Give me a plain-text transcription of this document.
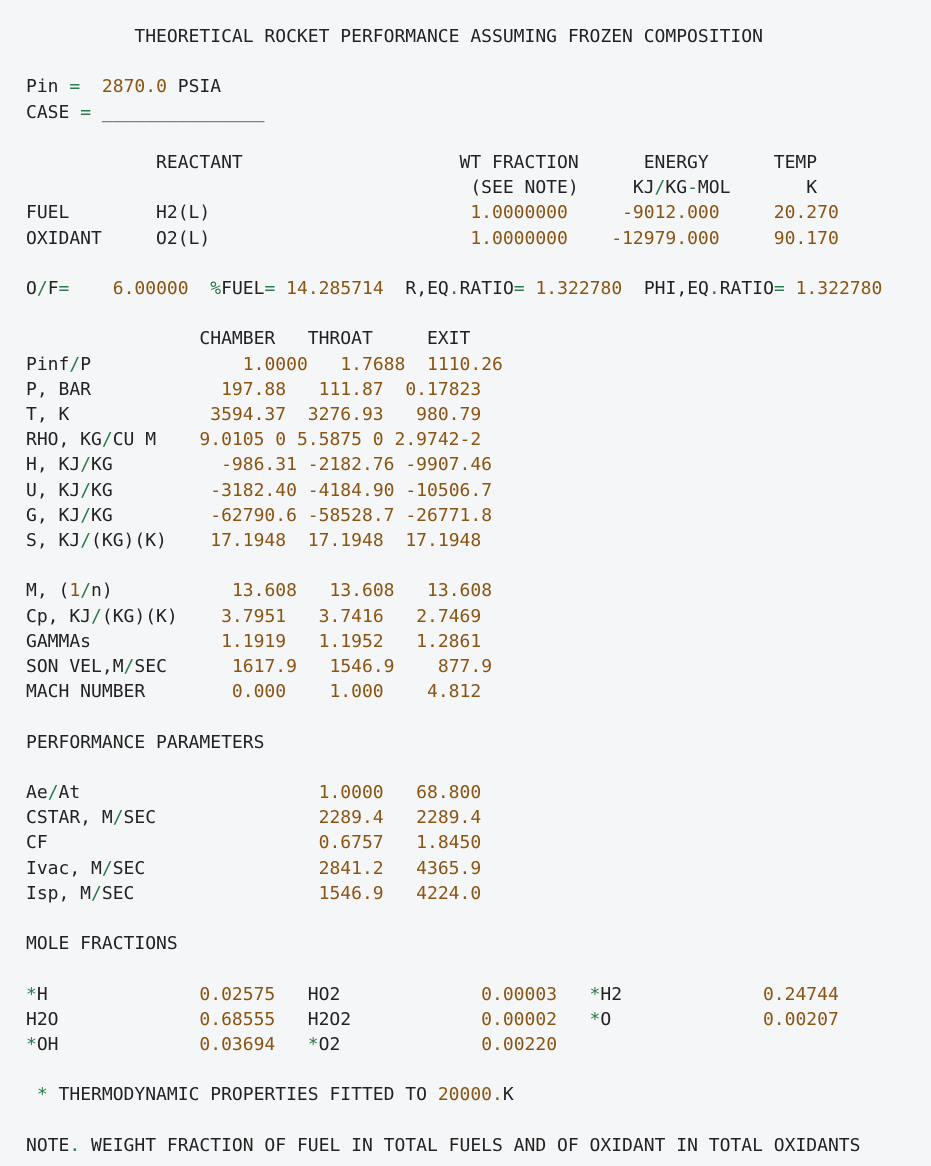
THEORETICAL ROCKET PERFORMANCE ASSUMING FROZEN COMPOSITION
Pin = 2870.0 PSIA
CASE = _______________
REACTANT                    WT FRACTION      ENERGY      TEMP
(SEE NOTE)     KJ/KG-MOL       K
FUEL        H2(L)                        1.0000000	-9012.000	20.270
OXIDANT     O2(L)                        1.0000000 -12979.000	90.170
O/F= 6.00000 %FUEL= 14.285714  R,EQ.RATIO= 1.322780  PHI,EQ.RATIO= 1.322780
CHAMBER   THROAT     EXIT
Pinf/P              1.0000 1.7688 1110.26
P, BAR            197.88 111.87 0.17823
T, K             3594.37 3276.93 980.79
RHO, KG/CU M    9.0105 0 5.5875 0 2.9742-2
H, KJ/KG          -986.31 -2182.76 -9907.46
U, KJ/KG         -3182.40 -4184.90 -10506.7
G, KJ/KG         -62790.6 -58528.7 -26771.8
S, KJ/(KG)(K)    17.1948 17.1948 17.1948
M, (1/n)           13.608 13.608 13.608
Cp, KJ/(KG)(K)    3.7951 3.7416 2.7469
GAMMAs            1.1919 1.1952 1.2861
SON VEL,M/SEC      1617.9 1546.9 877.9
MACH NUMBER        0.000 1.000 4.812
PERFORMANCE PARAMETERS
Ae/At                      1.0000 68.800
CSTAR, M/SEC               2289.4 2289.4
CF                         0.6757 1.8450
Ivac, M/SEC                2841.2 4365.9
Isp, M/SEC                 1546.9 4224.0
MOLE FRACTIONS
*H              0.02575   HO2             0.00003 *H2             0.24744
H2O             0.68555   H2O2            0.00002 *O              0.00207
*OH             0.03694 *O2             0.00220
* THERMODYNAMIC PROPERTIES FITTED TO 20000.K
NOTE. WEIGHT FRACTION OF FUEL IN TOTAL FUELS AND OF OXIDANT IN TOTAL OXIDANTS
